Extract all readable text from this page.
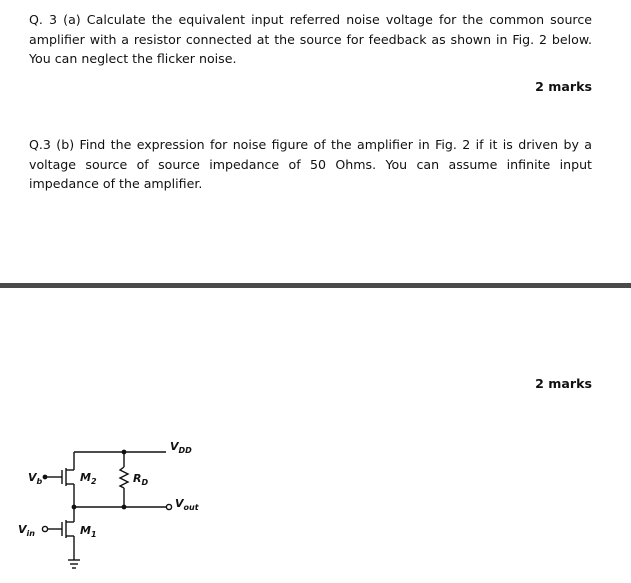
Q. 3 (a) Calculate the equivalent input referred noise voltage for the common source amplifier with a resistor connected at the source for feedback as shown in Fig. 2 below. You can neglect the flicker noise.

2 marks

Q.3 (b) Find the expression for noise figure of the amplifier in Fig. 2 if it is driven by a voltage source of source impedance of 50 Ohms. You can assume infinite input impedance of the amplifier.

2 marks
$V_{DD}$
$V_b$	$M_2$	$R_D$
$V_{out}$
$V_{in}$	$M_1$
